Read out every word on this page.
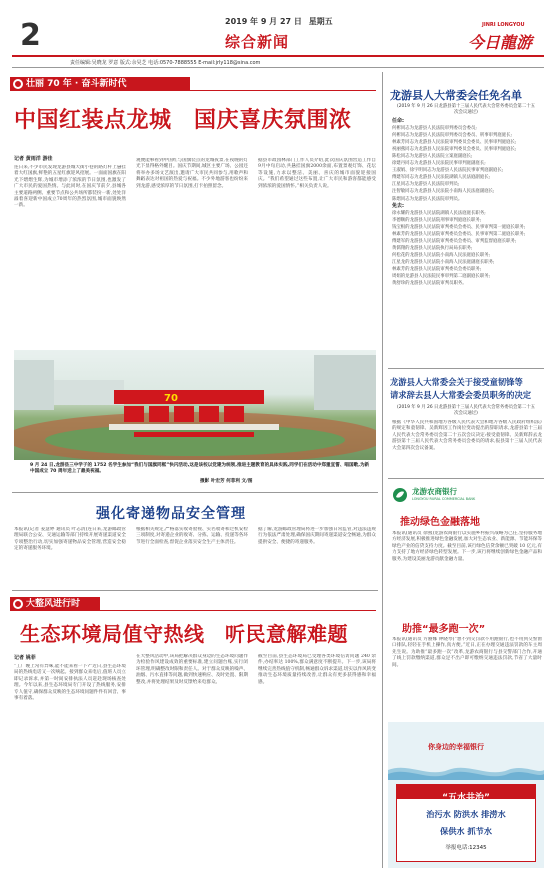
2	2019 年 9 月 27 日 星期五
综合新闻
JINRI LONGYOU
今日龍游
责任编辑:吴晓龙 罗意 版式:余昊芝 电话:0570-7888555 E-mail:jrly118@sina.com
壮丽 70 年 · 奋斗新时代
中国红装点龙城　国庆喜庆氛围浓
记者 黄雨洋 游佳
连日来,不少市民发现龙游县城大街小巷的路灯杆上悬挂着大红国旗,鲜艳的五星红旗迎风招展。一面面国旗在阳光下熠熠生辉,为城市增添了浓浓的节日氛围,也激发了广大市民的爱国热情。与此同时,在国庆节前夕,县城各主要道路两侧、重要节点和公共场所都装扮一新,处处洋溢着喜迎新中国成立70周年的热烈氛围,城市面貌焕然一新。
观便能够看到中国红与国旗装点的龙城夜景,在夜晚的灯光下显得格外醒目。国庆节期间,城区主要广场、公园还将举办多场文艺演出,邀请广大市民共同参与,用歌声和舞蹈表达对祖国的热爱与祝福。不少外地游客也纷纷来到龙游,感受浓厚的节日氛围,打卡拍照留念。
据县市政园林部门工作人员介绍,此次国庆氛围营造工作自9月中旬启动,共悬挂国旗2000余面,布置景观灯饰、花坛等设施,力求以整洁、美丽、喜庆的城市面貌迎接国庆。“我们希望通过这些布置,让广大市民和游客都能感受到浓浓的爱国情怀。”相关负责人说。
70
9 月 24 日,龙游县三中学子的 1752 名学生参加“我们与国旗同框”快闪活动,这是该校以党建为统领,推进主题教育的具体实践,同学们在活动中郑重宣誓、唱国歌,为新中国成立 70 周年送上了最美祝福。
摄影 叶宏芳 何菲利 文/图
强化寄递物品安全管理
本报讯(记者 姜慧婷 通讯员 叶志清)连日来,龙游邮政管理局联合公安、交通运输等部门持续开展寄递渠道安全专项整治行动,切实加强寄递物品安全管理,营造安全稳定的寄递服务环境。
根据相关规定,严格落实收寄验视、实名收寄和过机安检三项制度,对寄递企业的收寄、分拣、运输、投递等各环节进行全面检查,督促企业落实安全生产主体责任。
据了解,龙游邮政管理局将进一步加强日常监管,对违法违规行为依法严肃处理,确保国庆期间寄递渠道安全畅通,为群众提供安全、便捷的寄递服务。
大整风进行时
生态环境局值守热线　听民意解难题
记者 姚菲
“工厂晚上常有异味,能不能来看一下?”近日,县生态环境局的热线电话又一次响起。接到群众来电后,值班人员立即记录诉求,并第一时间安排执法人员赶赴现场核查处理。今年以来,县生态环境局专门开设了热线服务,安排专人值守,确保群众反映的生态环境问题件件有回音、事事有着落。
在大整风活动中,该局把解决群众身边的生态环境问题作为检验作风建设成效的重要标准,建立问题台账,实行闭环管理,明确整改时限和责任人。对于群众反映的噪声、油烟、污水直排等问题,做到快速响应、及时处置、限期整改,并将处理结果及时反馈给来电群众。
截至目前,县生态环境局已受理各类环境信访问题 240 余件,办结率达 100%,群众满意度不断提升。下一步,该局将继续完善热线值守机制,畅通群众诉求渠道,切实以作风转变推动生态环境质量持续改善,让群众有更多获得感和幸福感。
龙游县人大常委会任免名单
(2019 年 9 月 26 日龙游县第十三届人民代表大会常务委员会第二十五次会议通过)
任命:
何彬同志为龙游县人民法院审判委员会委员;
何彬同志为龙游县人民法院审判委员会委员、刑事审判庭庭长;
林素芳同志为龙游县人民法院审判委员会委员、民事审判庭庭长;
祝丽燕同志为龙游县人民法院审判委员会委员、民事审判庭庭长;
陈松同志为龙游县人民法院立案庭副庭长;
徐建丹同志为龙游县人民法院民事审判庭副庭长;
王淑娟、徐宇明同志为龙游县人民法院民事审判庭副庭长;
傅建军同志为龙游县人民法院湖镇人民法庭副庭长;
江星同志为龙游县人民法院审判员;
注智敏同志为龙游县人民法院小南海人民法庭副庭长;
陈熠同志为龙游县人民法院审判员。
免去:
徐永耀的龙游县人民法院湖镇人民法庭庭长职务;
李德顺的龙游县人民法院刑事审判庭庭长职务;
钱宝根的龙游县人民法院审判委员会委员、民事审判第一庭庭长职务;
林素芳的龙游县人民法院审判委员会委员、民事审判第二庭庭长职务;
傅建军的龙游县人民法院审判委员会委员、审判监督庭庭长职务;
黄儒翔的龙游县人民法院执行局局长职务;
何松花的龙游县人民法院小南海人民法庭庭长职务;
江星龙的龙游县人民法院小南海人民法庭副庭长职务;
林素芳的龙游县人民法院审判委员会委员职务;
周娟的龙游县人民法院民事审判第二庭副庭长职务;
黄舒珍的龙游县人民法院审判员职务。
龙游县人大常委会关于接受童韧锋等
请求辞去县人大常委会委员职务的决定
(2019 年 9 月 26 日龙游县第十三届人民代表大会常务委员会第二十五次会议通过)
根据《中华人民共和国地方各级人民代表大会和地方各级人民政府组织法》的规定和童韧锋、吴新辉因工作岗位变动提出的辞职请求,龙游县第十三届人民代表大会常务委员会第二十五次会议决定:接受童韧锋、吴新辉辞去龙游县第十三届人民代表大会常务委员会委员的请求,报县第十三届人民代表大会第四次会议备案。
龙游农商银行
LONGYOU RURAL COMMERCIAL BANK
推动绿色金融落地
本报讯(通讯员 徐燕)龙游农商银行以实施乡村振兴战略为己任,坚持服务地方经济发展,积极推进绿色金融发展,加大对生态农业、新能源、节能环保等绿色产业的信贷支持力度。截至目前,该行绿色信贷余额已突破 10 亿元,有力支持了地方经济绿色转型发展。下一步,该行将继续创新绿色金融产品和服务,为建设美丽龙游贡献金融力量。
助推“最多跑一次”
本报讯(通讯员 方丽娜 钟晓琴)“想不到交罚款不用跑银行,也不用到交警窗口排队,轻轻在手机上操作,真方便。”近日,正在办理交通违法罚款的车主周先生说。为助推“最多跑一次”改革,龙游农商银行与县交警部门合作,开通了线上罚款缴纳渠道,群众足不出户即可缴纳交通违法罚款,节省了大量时间。
你身边的幸福银行
“五水共治”
治污水 防洪水 排涝水
保供水 抓节水
举报电话:12345
